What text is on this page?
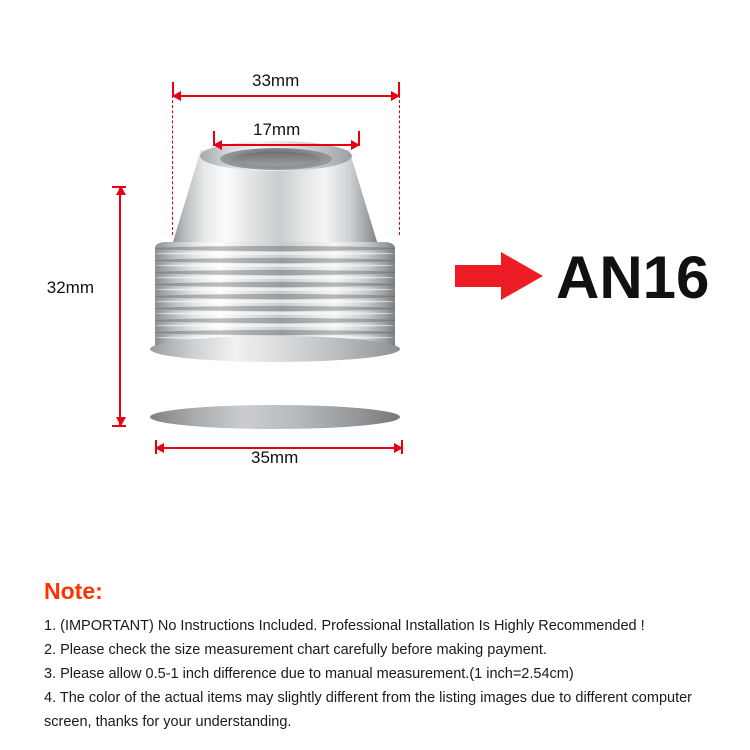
33mm
17mm
32mm
35mm
AN16
Note:

1. (IMPORTANT) No Instructions Included. Professional Installation Is Highly Recommended !

2. Please check the size measurement chart carefully before making payment.

3. Please allow 0.5-1 inch difference due to manual measurement.(1 inch=2.54cm)

4. The color of the actual items may slightly different from the listing images due to different computer

screen, thanks for your understanding.
